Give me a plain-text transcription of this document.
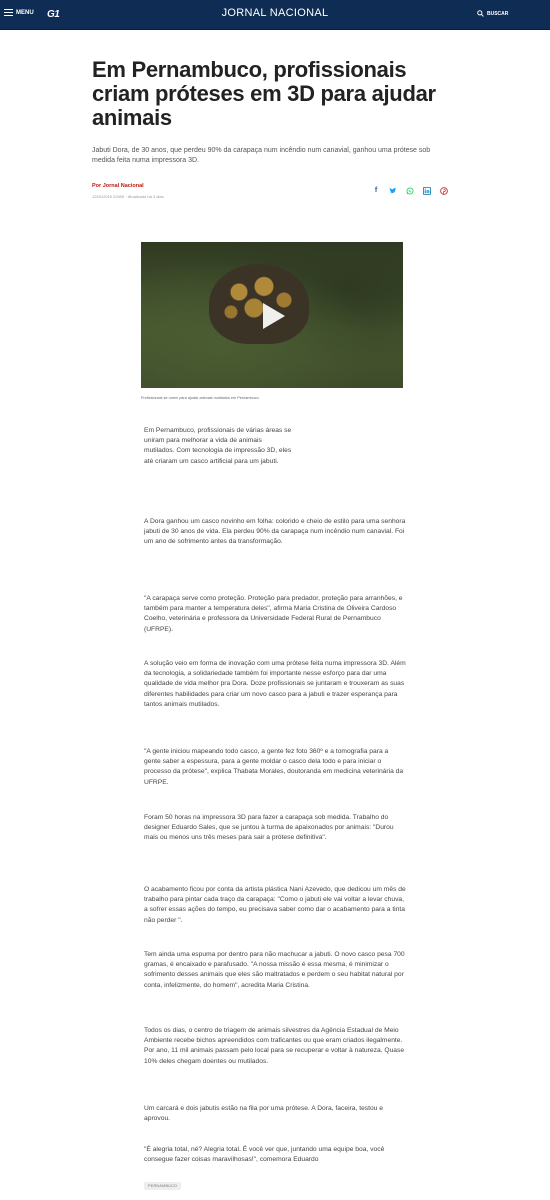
MENU G1	JORNAL NACIONAL	BUSCAR
Em Pernambuco, profissionais criam próteses em 3D para ajudar animais

Jabuti Dora, de 30 anos, que perdeu 90% da carapaça num incêndio num canavial, ganhou uma prótese sob medida feita numa impressora 3D.

Por Jornal Nacional
12/01/2019 22h09 · Atualizado há 3 dias
f
Profissionais se unem para ajudar animais mutilados em Pernambuco

Em Pernambuco, profissionais de várias áreas se uniram para melhorar a vida de animais mutilados. Com tecnologia de impressão 3D, eles até criaram um casco artificial para um jabuti.

A Dora ganhou um casco novinho em folha: colorido e cheio de estilo para uma senhora jabuti de 30 anos de vida. Ela perdeu 90% da carapaça num incêndio num canavial. Foi um ano de sofrimento antes da transformação.

"A carapaça serve como proteção. Proteção para predador, proteção para arranhões, e também para manter a temperatura deles", afirma Maria Cristina de Oliveira Cardoso Coelho, veterinária e professora da Universidade Federal Rural de Pernambuco (UFRPE).

A solução veio em forma de inovação com uma prótese feita numa impressora 3D. Além da tecnologia, a solidariedade também foi importante nesse esforço para dar uma qualidade de vida melhor pra Dora. Doze profissionais se juntaram e trouxeram as suas diferentes habilidades para criar um novo casco para a jabuti e trazer esperança para tantos animais mutilados.

"A gente iniciou mapeando todo casco, a gente fez foto 360º e a tomografia para a gente saber a espessura, para a gente moldar o casco dela todo e para iniciar o processo da prótese", explica Thabata Morales, doutoranda em medicina veterinária da UFRPE.

Foram 50 horas na impressora 3D para fazer a carapaça sob medida. Trabalho do designer Eduardo Sales, que se juntou à turma de apaixonados por animais: "Durou mais ou menos uns três meses para sair a prótese definitiva".

O acabamento ficou por conta da artista plástica Nani Azevedo, que dedicou um mês de trabalho para pintar cada traço da carapaça: "Como o jabuti ele vai voltar a levar chuva, a sofrer essas ações do tempo, eu precisava saber como dar o acabamento para a tinta não perder ".

Tem ainda uma espuma por dentro para não machucar a jabuti. O novo casco pesa 700 gramas, é encaixado e parafusado. "A nossa missão é essa mesma, é minimizar o sofrimento desses animais que eles são maltratados e perdem o seu habitat natural por conta, infelizmente, do homem", acredita Maria Cristina.

Todos os dias, o centro de triagem de animais silvestres da Agência Estadual de Meio Ambiente recebe bichos apreendidos com traficantes ou que eram criados ilegalmente. Por ano, 11 mil animais passam pelo local para se recuperar e voltar à natureza. Quase 10% deles chegam doentes ou mutilados.

Um carcará e dois jabutis estão na fila por uma prótese. A Dora, faceira, testou e aprovou.

"É alegria total, né? Alegria total. É você ver que, juntando uma equipe boa, você consegue fazer coisas maravilhosas!", comemora Eduardo

PERNAMBUCO
